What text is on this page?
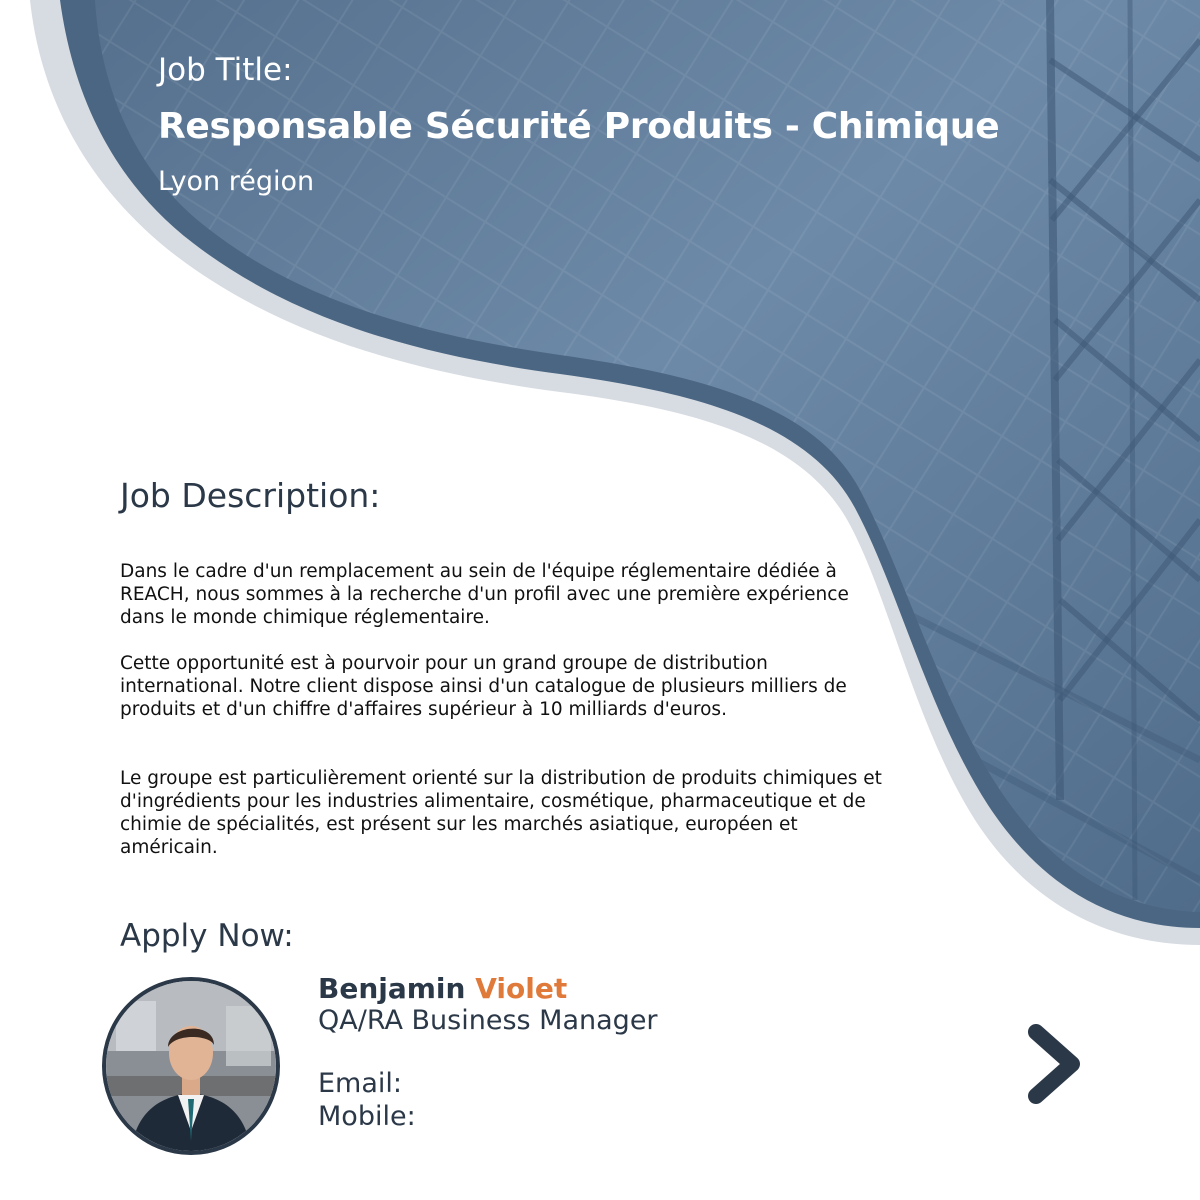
Job Title:
Responsable Sécurité Produits - Chimique

Lyon région

Job Description:

Dans le cadre d'un remplacement au sein de l'équipe réglementaire dédiée à REACH, nous sommes à la recherche d'un profil avec une première expérience dans le monde chimique réglementaire.

Cette opportunité est à pourvoir pour un grand groupe de distribution international. Notre client dispose ainsi d'un catalogue de plusieurs milliers de produits et d'un chiffre d'affaires supérieur à 10 milliards d'euros.

Le groupe est particulièrement orienté sur la distribution de produits chimiques et d'ingrédients pour les industries alimentaire, cosmétique, pharmaceutique et de chimie de spécialités, est présent sur les marchés asiatique, européen et américain.

Apply Now:

Benjamin Violet

QA/RA Business Manager

Email:

Mobile:
